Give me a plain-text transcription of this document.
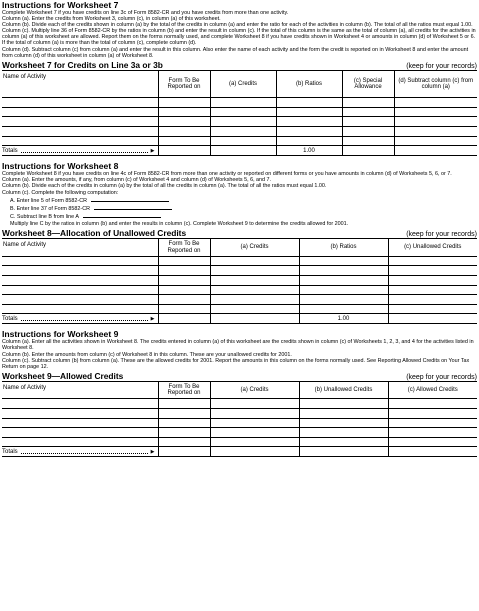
Instructions for Worksheet 7

Complete Worksheet 7 if you have credits on line 3c of Form 8582-CR and you have credits from more than one activity.

Column (a). Enter the credits from Worksheet 3, column (c), in column (a) of this worksheet.

Column (b). Divide each of the credits shown in column (a) by the total of the credits in column (a) and enter the ratio for each of the activities in column (b). The total of all the ratios must equal 1.00.

Column (c). Multiply line 36 of Form 8582-CR by the ratios in column (b) and enter the result in column (c). If the total of this column is the same as the total of column (a), all credits for the activities in column (a) of this worksheet are allowed. Report them on the forms normally used, and complete Worksheet 8 if you have credits shown in Worksheet 4 or amounts in column (d) of Worksheet 5 or 6. If the total of column (a) is more than the total of column (c), complete column (d).

Column (d). Subtract column (c) from column (a) and enter the result in this column. Also enter the name of each activity and the form the credit is reported on in Worksheet 8 and enter the amount from column (d) of this worksheet in column (a) of Worksheet 8.

Worksheet 7 for Credits on Line 3a or 3b	(keep for your records)
Name of Activity	Form To Be Reported on	(a) Credits	(b) Ratios	(c) Special Allowance	(d) Subtract column (c) from column (a)

Totals ▶			1.00		
Instructions for Worksheet 8

Complete Worksheet 8 if you have credits on line 4c of Form 8582-CR from more than one activity or reported on different forms or you have amounts in column (d) of Worksheets 5, 6, or 7.

Column (a). Enter the amounts, if any, from column (c) of Worksheet 4 and column (d) of Worksheets 5, 6, and 7.

Column (b). Divide each of the credits in column (a) by the total of all the credits in column (a). The total of all the ratios must equal 1.00.

Column (c). Complete the following computation:

A. Enter line 5 of Form 8582-CR
B. Enter line 37 of Form 8582-CR
C. Subtract line B from line A

Multiply line C by the ratios in column (b) and enter the results in column (c). Complete Worksheet 9 to determine the credits allowed for 2001.

Worksheet 8—Allocation of Unallowed Credits	(keep for your records)
Name of Activity	Form To Be Reported on	(a) Credits	(b) Ratios	(c) Unallowed Credits

Totals ▶			1.00	
Instructions for Worksheet 9

Column (a). Enter all the activities shown in Worksheet 8. The credits entered in column (a) of this worksheet are the credits shown in column (c) of Worksheets 1, 2, 3, and 4 for the activities listed in Worksheet 8.

Column (b). Enter the amounts from column (c) of Worksheet 8 in this column. These are your unallowed credits for 2001.

Column (c). Subtract column (b) from column (a). These are the allowed credits for 2001. Report the amounts in this column on the forms normally used. See Reporting Allowed Credits on Your Tax Return on page 12.

Worksheet 9—Allowed Credits	(keep for your records)
Name of Activity	Form To Be Reported on	(a) Credits	(b) Unallowed Credits	(c) Allowed Credits

Totals ▶				
